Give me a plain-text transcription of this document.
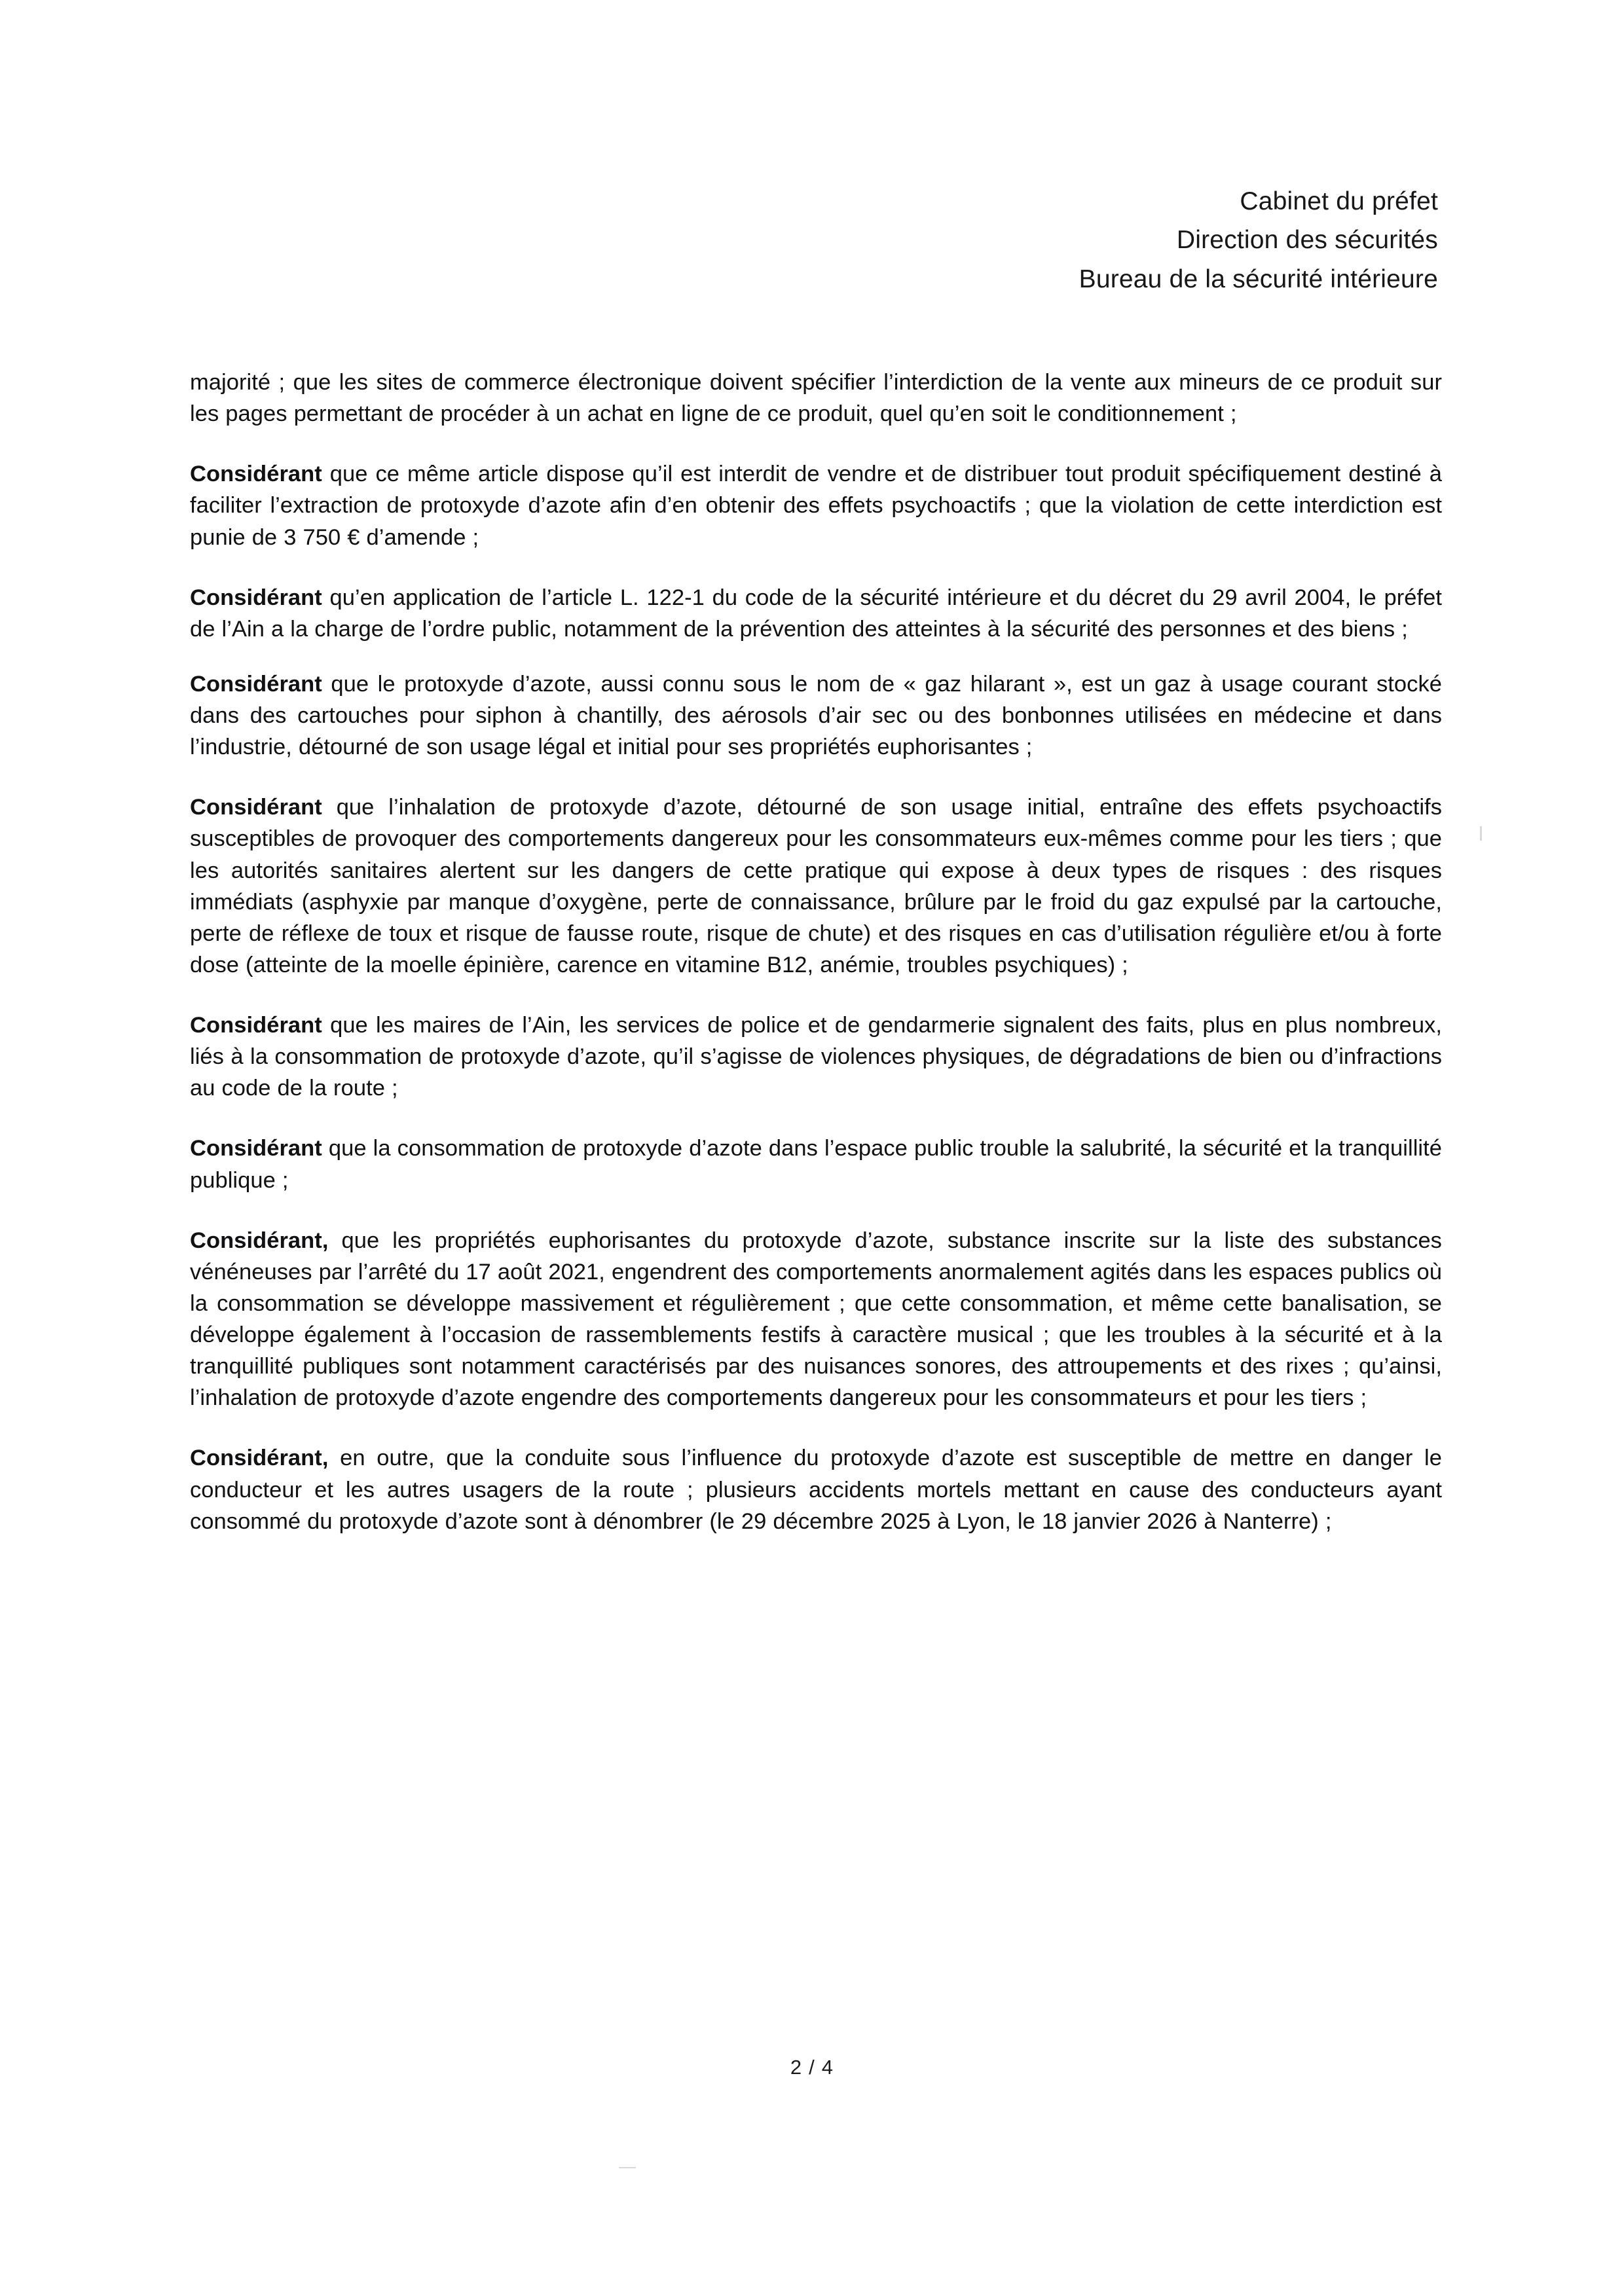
Cabinet du préfet
Direction des sécurités
Bureau de la sécurité intérieure

majorité ; que les sites de commerce électronique doivent spécifier l’interdiction de la vente aux mineurs de ce produit sur les pages permettant de procéder à un achat en ligne de ce produit, quel qu’en soit le conditionnement ;

Considérant que ce même article dispose qu’il est interdit de vendre et de distribuer tout produit spécifiquement destiné à faciliter l’extraction de protoxyde d’azote afin d’en obtenir des effets psychoactifs ; que la violation de cette interdiction est punie de 3 750 € d’amende ;

Considérant qu’en application de l’article L. 122-1 du code de la sécurité intérieure et du décret du 29 avril 2004, le préfet de l’Ain a la charge de l’ordre public, notamment de la prévention des atteintes à la sécurité des personnes et des biens ;

Considérant que le protoxyde d’azote, aussi connu sous le nom de « gaz hilarant », est un gaz à usage courant stocké dans des cartouches pour siphon à chantilly, des aérosols d’air sec ou des bonbonnes utilisées en médecine et dans l’industrie, détourné de son usage légal et initial pour ses propriétés euphorisantes ;

Considérant que l’inhalation de protoxyde d’azote, détourné de son usage initial, entraîne des effets psychoactifs susceptibles de provoquer des comportements dangereux pour les consommateurs eux-mêmes comme pour les tiers ; que les autorités sanitaires alertent sur les dangers de cette pratique qui expose à deux types de risques : des risques immédiats (asphyxie par manque d’oxygène, perte de connaissance, brûlure par le froid du gaz expulsé par la cartouche, perte de réflexe de toux et risque de fausse route, risque de chute) et des risques en cas d’utilisation régulière et/ou à forte dose (atteinte de la moelle épinière, carence en vitamine B12, anémie, troubles psychiques) ;

Considérant que les maires de l’Ain, les services de police et de gendarmerie signalent des faits, plus en plus nombreux, liés à la consommation de protoxyde d’azote, qu’il s’agisse de violences physiques, de dégradations de bien ou d’infractions au code de la route ;

Considérant que la consommation de protoxyde d’azote dans l’espace public trouble la salubrité, la sécurité et la tranquillité publique ;

Considérant, que les propriétés euphorisantes du protoxyde d’azote, substance inscrite sur la liste des substances vénéneuses par l’arrêté du 17 août 2021, engendrent des comportements anormalement agités dans les espaces publics où la consommation se développe massivement et régulièrement ; que cette consommation, et même cette banalisation, se développe également à l’occasion de rassemblements festifs à caractère musical ; que les troubles à la sécurité et à la tranquillité publiques sont notamment caractérisés par des nuisances sonores, des attroupements et des rixes ; qu’ainsi, l’inhalation de protoxyde d’azote engendre des comportements dangereux pour les consommateurs et pour les tiers ;

Considérant, en outre, que la conduite sous l’influence du protoxyde d’azote est susceptible de mettre en danger le conducteur et les autres usagers de la route ; plusieurs accidents mortels mettant en cause des conducteurs ayant consommé du protoxyde d’azote sont à dénombrer (le 29 décembre 2025 à Lyon, le 18 janvier 2026 à Nanterre) ;

2 / 4
